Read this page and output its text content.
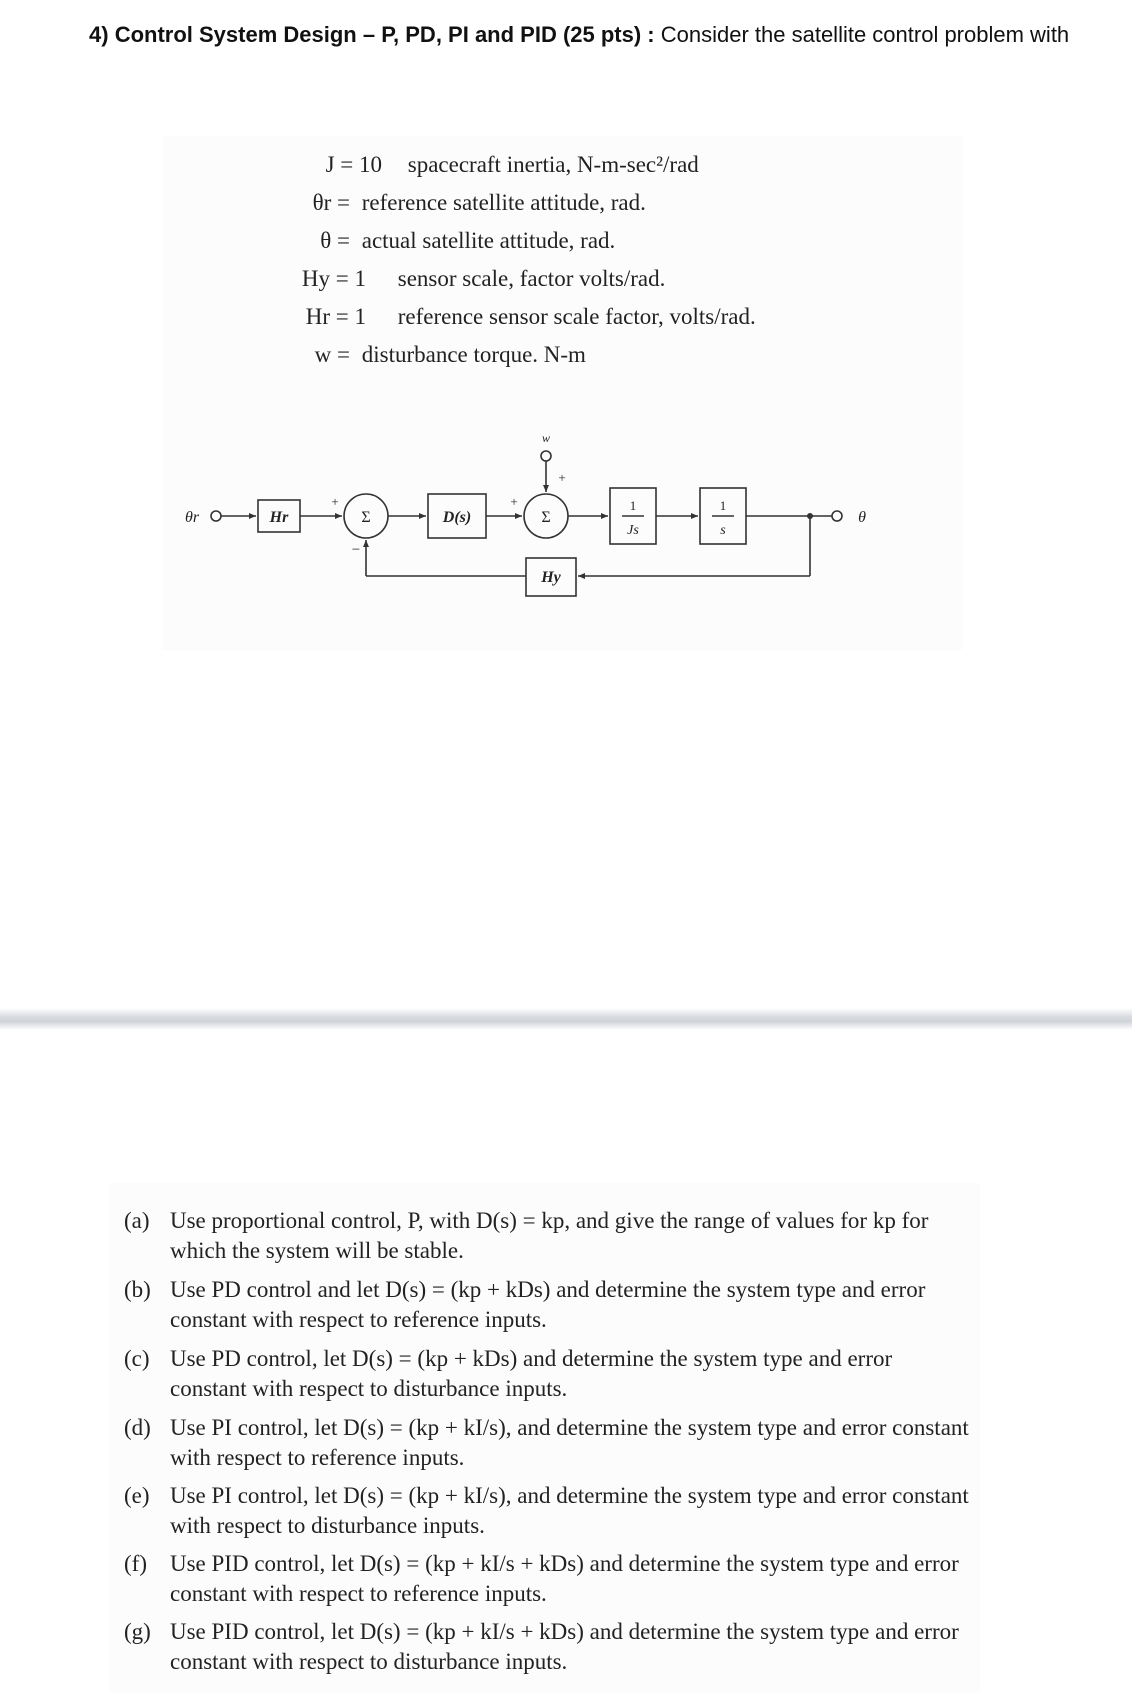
4) Control System Design – P, PD, PI and PID (25 pts) : Consider the satellite control problem with
J = 10 spacecraft inertia, N-m-sec²/rad
θr = reference satellite attitude, rad.
θ = actual satellite attitude, rad.
Hy = 1 sensor scale, factor volts/rad.
Hr = 1 reference sensor scale factor, volts/rad.
w = disturbance torque. N-m
θr	Hr	Σ
+
−
D(s)	Σ
+
+
w
1
Js
1
s
θ
Hy
(a) Use proportional control, P, with D(s) = kp, and give the range of values for kp for which the system will be stable.
(b) Use PD control and let D(s) = (kp + kDs) and determine the system type and error constant with respect to reference inputs.
(c) Use PD control, let D(s) = (kp + kDs) and determine the system type and error constant with respect to disturbance inputs.
(d) Use PI control, let D(s) = (kp + kI/s), and determine the system type and error constant with respect to reference inputs.
(e) Use PI control, let D(s) = (kp + kI/s), and determine the system type and error constant with respect to disturbance inputs.
(f)	Use PID control, let D(s) = (kp + kI/s + kDs) and determine the system type and error constant with respect to reference inputs.
(g) Use PID control, let D(s) = (kp + kI/s + kDs) and determine the system type and error constant with respect to disturbance inputs.
